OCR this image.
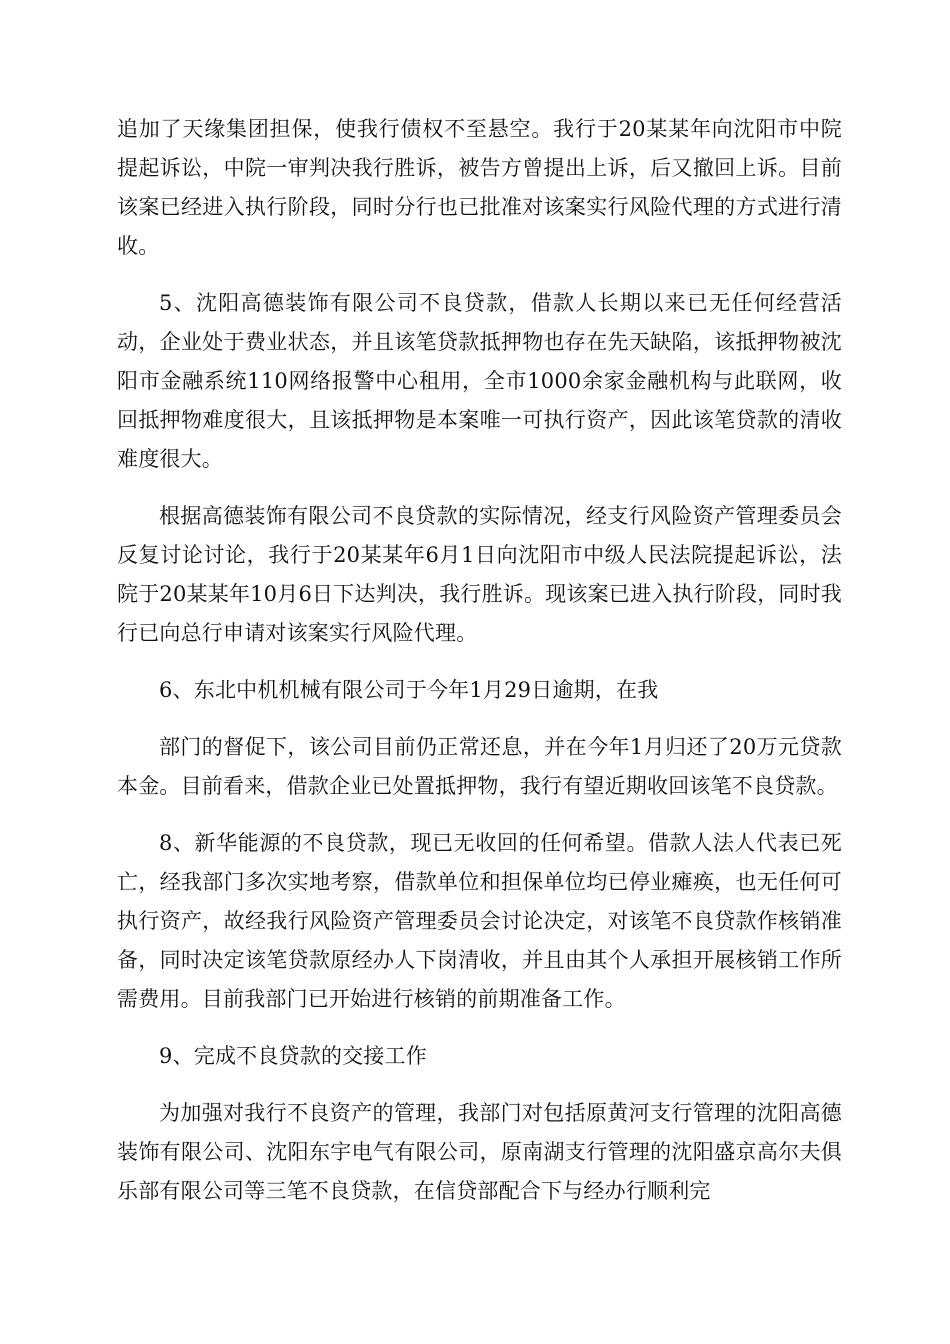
追加了天缘集团担保，使我行债权不至悬空。我行于20某某年向沈阳市中院提起诉讼，中院一审判决我行胜诉，被告方曾提出上诉，后又撤回上诉。目前该案已经进入执行阶段，同时分行也已批准对该案实行风险代理的方式进行清收。

5、沈阳高德装饰有限公司不良贷款，借款人长期以来已无任何经营活动，企业处于费业状态，并且该笔贷款抵押物也存在先天缺陷，该抵押物被沈阳市金融系统110网络报警中心租用，全市1000余家金融机构与此联网，收回抵押物难度很大，且该抵押物是本案唯一可执行资产，因此该笔贷款的清收难度很大。

根据高德装饰有限公司不良贷款的实际情况，经支行风险资产管理委员会反复讨论讨论，我行于20某某年6月1日向沈阳市中级人民法院提起诉讼，法院于20某某年10月6日下达判决，我行胜诉。现该案已进入执行阶段，同时我行已向总行申请对该案实行风险代理。

6、东北中机机械有限公司于今年1月29日逾期，在我

部门的督促下，该公司目前仍正常还息，并在今年1月归还了20万元贷款本金。目前看来，借款企业已处置抵押物，我行有望近期收回该笔不良贷款。

8、新华能源的不良贷款，现已无收回的任何希望。借款人法人代表已死亡，经我部门多次实地考察，借款单位和担保单位均已停业瘫痪，也无任何可执行资产，故经我行风险资产管理委员会讨论决定，对该笔不良贷款作核销准备，同时决定该笔贷款原经办人下岗清收，并且由其个人承担开展核销工作所需费用。目前我部门已开始进行核销的前期准备工作。

9、完成不良贷款的交接工作

为加强对我行不良资产的管理，我部门对包括原黄河支行管理的沈阳高德装饰有限公司、沈阳东宇电气有限公司，原南湖支行管理的沈阳盛京高尔夫俱乐部有限公司等三笔不良贷款，在信贷部配合下与经办行顺利完
